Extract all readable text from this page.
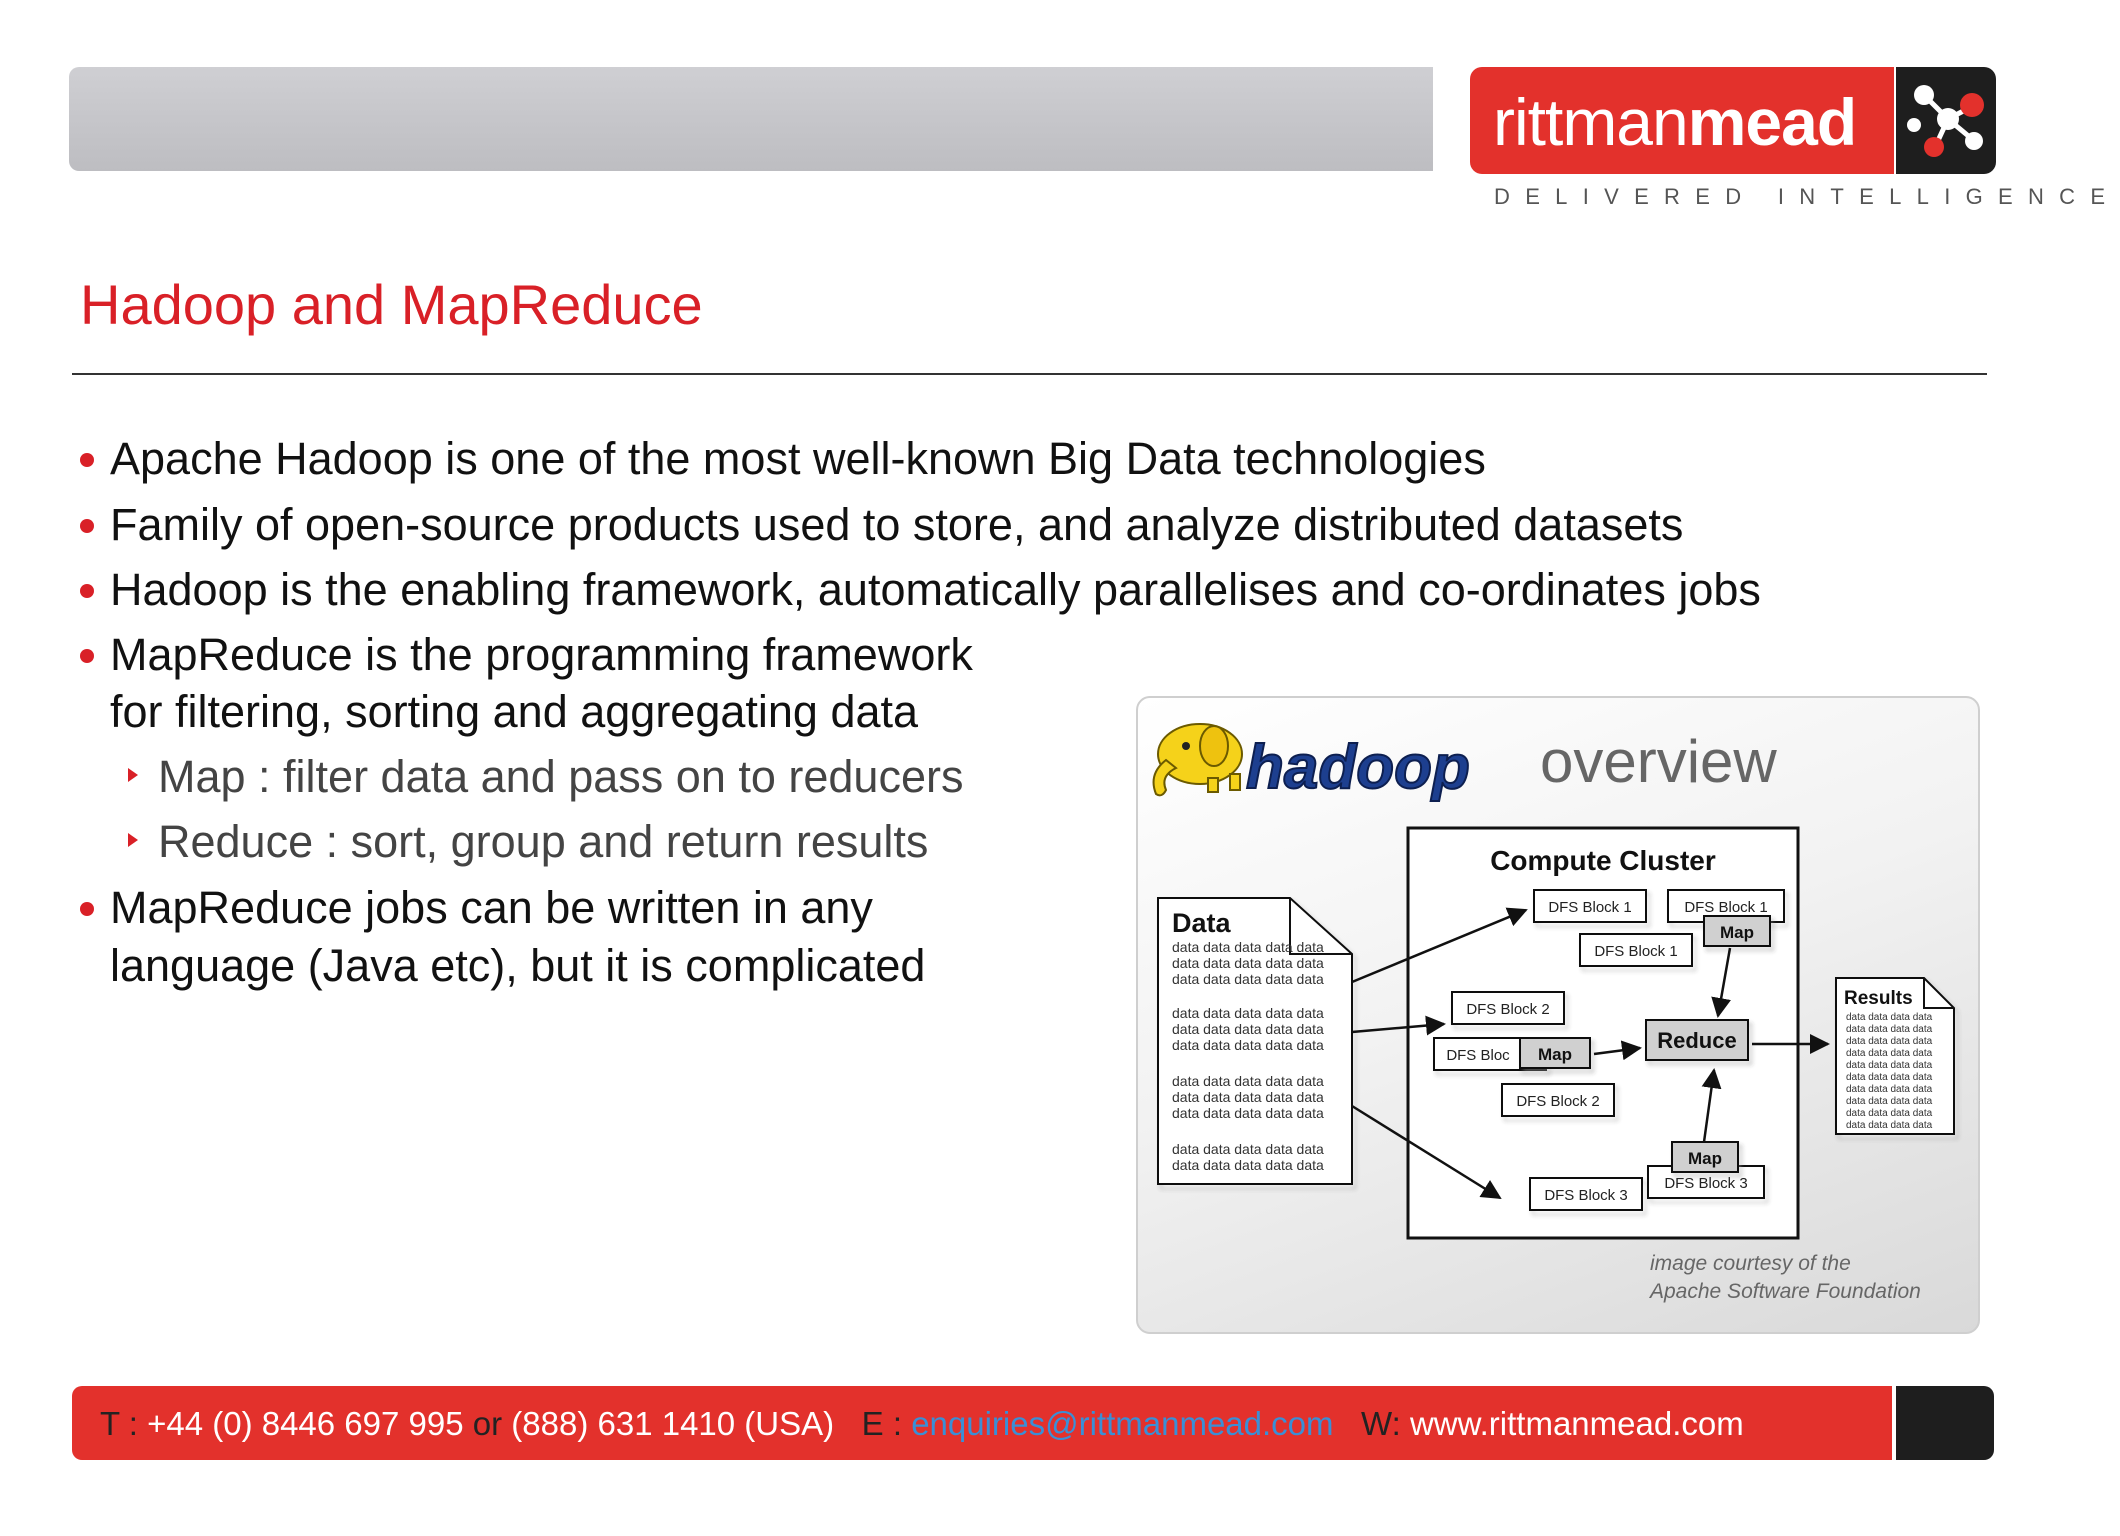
rittmanmead
DELIVERED INTELLIGENCE
Hadoop and MapReduce
Apache Hadoop is one of the most well-known Big Data technologies
Family of open-source products used to store, and analyze distributed datasets
Hadoop is the enabling framework, automatically parallelises and co-ordinates jobs
MapReduce is the programming framework
for filtering, sorting and aggregating data
Map : filter data and pass on to reducers
Reduce : sort, group and return results
MapReduce jobs can be written in any
language (Java etc), but it is complicated
hadoop overview
Compute Cluster
Data
data data data data data
data data data data data
data data data data data
data data data data data
data data data data data
data data data data data
data data data data data
data data data data data
data data data data data
data data data data data
data data data data data
DFS Block 1	DFS Block 1
DFS Block 1
DFS Block 2
DFS Bloc
DFS Block 2
DFS Block 3
DFS Block 3
Map
Map
Map
Reduce
Results
data data data data
data data data data
data data data data
data data data data
data data data data
data data data data
data data data data
data data data data
data data data data
data data data data
image courtesy of the
Apache Software Foundation
T : +44 (0) 8446 697 995 or (888) 631 1410 (USA) E : enquiries@rittmanmead.com W: www.rittmanmead.com
